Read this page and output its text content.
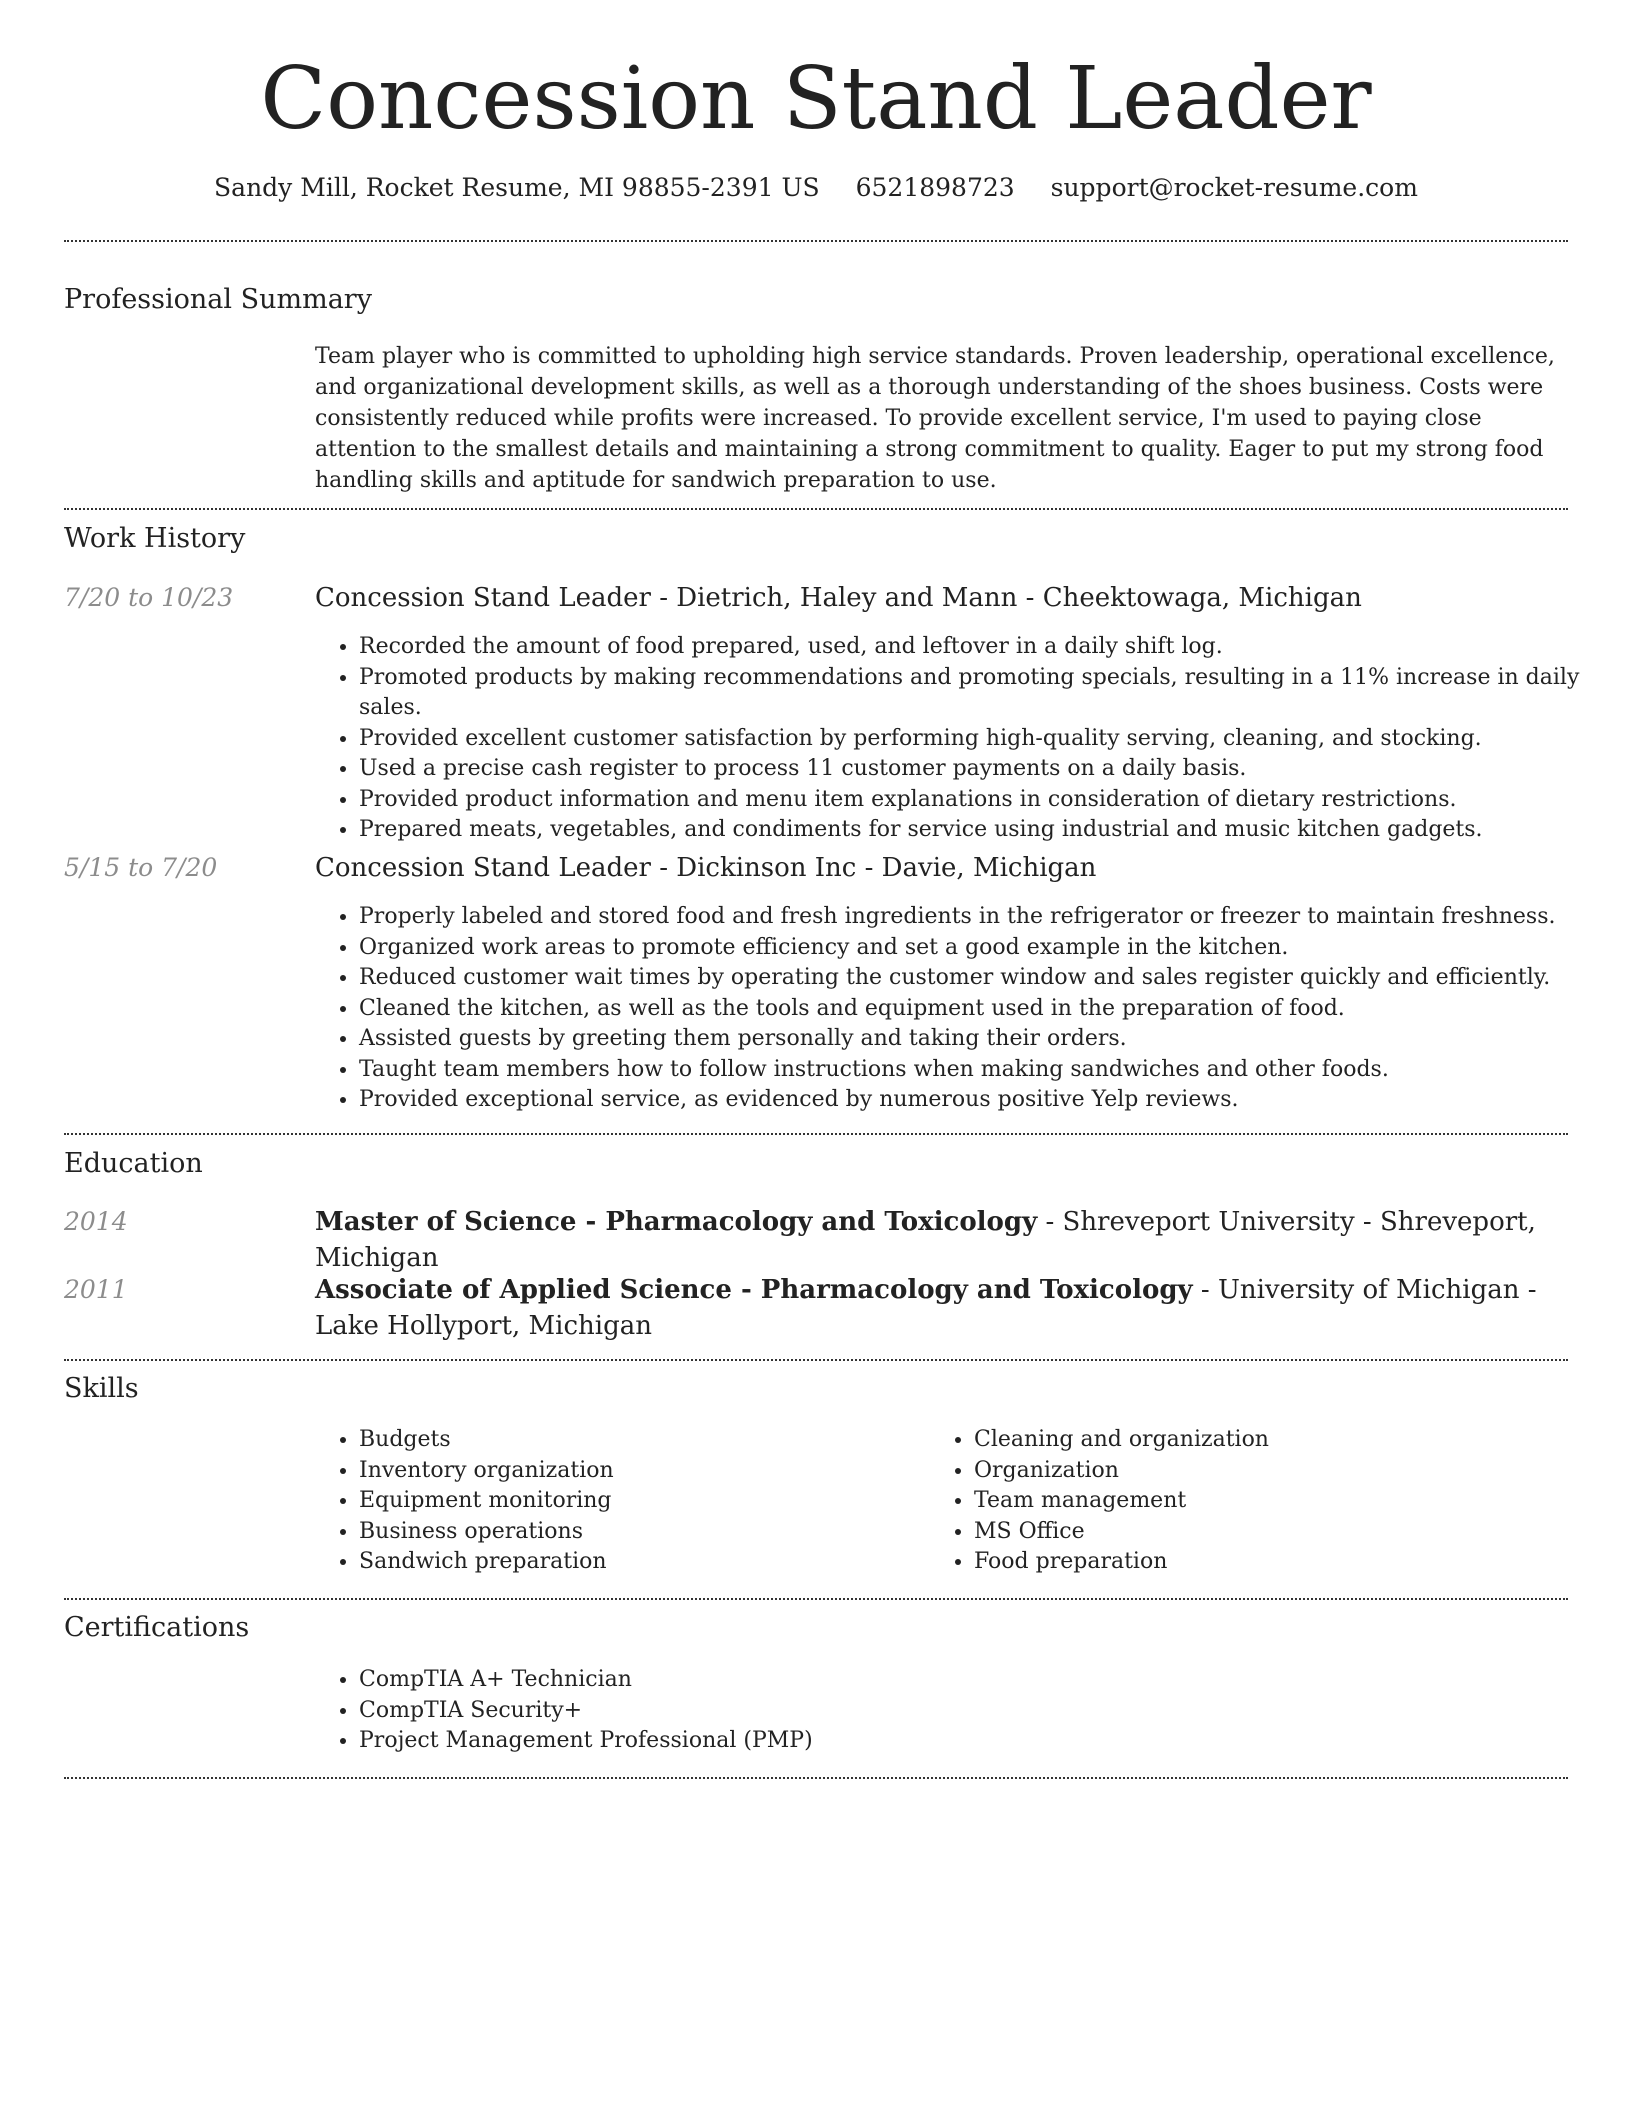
Concession Stand Leader
Sandy Mill, Rocket Resume, MI 98855-2391 US 6521898723 support@rocket-resume.com
Professional Summary

Team player who is committed to upholding high service standards. Proven leadership, operational excellence, and organizational development skills, as well as a thorough understanding of the shoes business. Costs were consistently reduced while profits were increased. To provide excellent service, I'm used to paying close attention to the smallest details and maintaining a strong commitment to quality. Eager to put my strong food handling skills and aptitude for sandwich preparation to use.

Work History
7/20 to 10/23	Concession Stand Leader - Dietrich, Haley and Mann - Cheektowaga, Michigan
• Recorded the amount of food prepared, used, and leftover in a daily shift log.
• Promoted products by making recommendations and promoting specials, resulting in a 11% increase in daily sales.
• Provided excellent customer satisfaction by performing high-quality serving, cleaning, and stocking.
• Used a precise cash register to process 11 customer payments on a daily basis.
• Provided product information and menu item explanations in consideration of dietary restrictions.
• Prepared meats, vegetables, and condiments for service using industrial and music kitchen gadgets.
5/15 to 7/20	Concession Stand Leader - Dickinson Inc - Davie, Michigan
• Properly labeled and stored food and fresh ingredients in the refrigerator or freezer to maintain freshness.
• Organized work areas to promote efficiency and set a good example in the kitchen.
• Reduced customer wait times by operating the customer window and sales register quickly and efficiently.
• Cleaned the kitchen, as well as the tools and equipment used in the preparation of food.
• Assisted guests by greeting them personally and taking their orders.
• Taught team members how to follow instructions when making sandwiches and other foods.
• Provided exceptional service, as evidenced by numerous positive Yelp reviews.
Education
2014	Master of Science - Pharmacology and Toxicology - Shreveport University - Shreveport, Michigan
2011	Associate of Applied Science - Pharmacology and Toxicology - University of Michigan - Lake Hollyport, Michigan
Skills
• Budgets
• Inventory organization
• Equipment monitoring
• Business operations
• Sandwich preparation
• Cleaning and organization
• Organization
• Team management
• MS Office
• Food preparation
Certifications
• CompTIA A+ Technician
• CompTIA Security+
• Project Management Professional (PMP)
